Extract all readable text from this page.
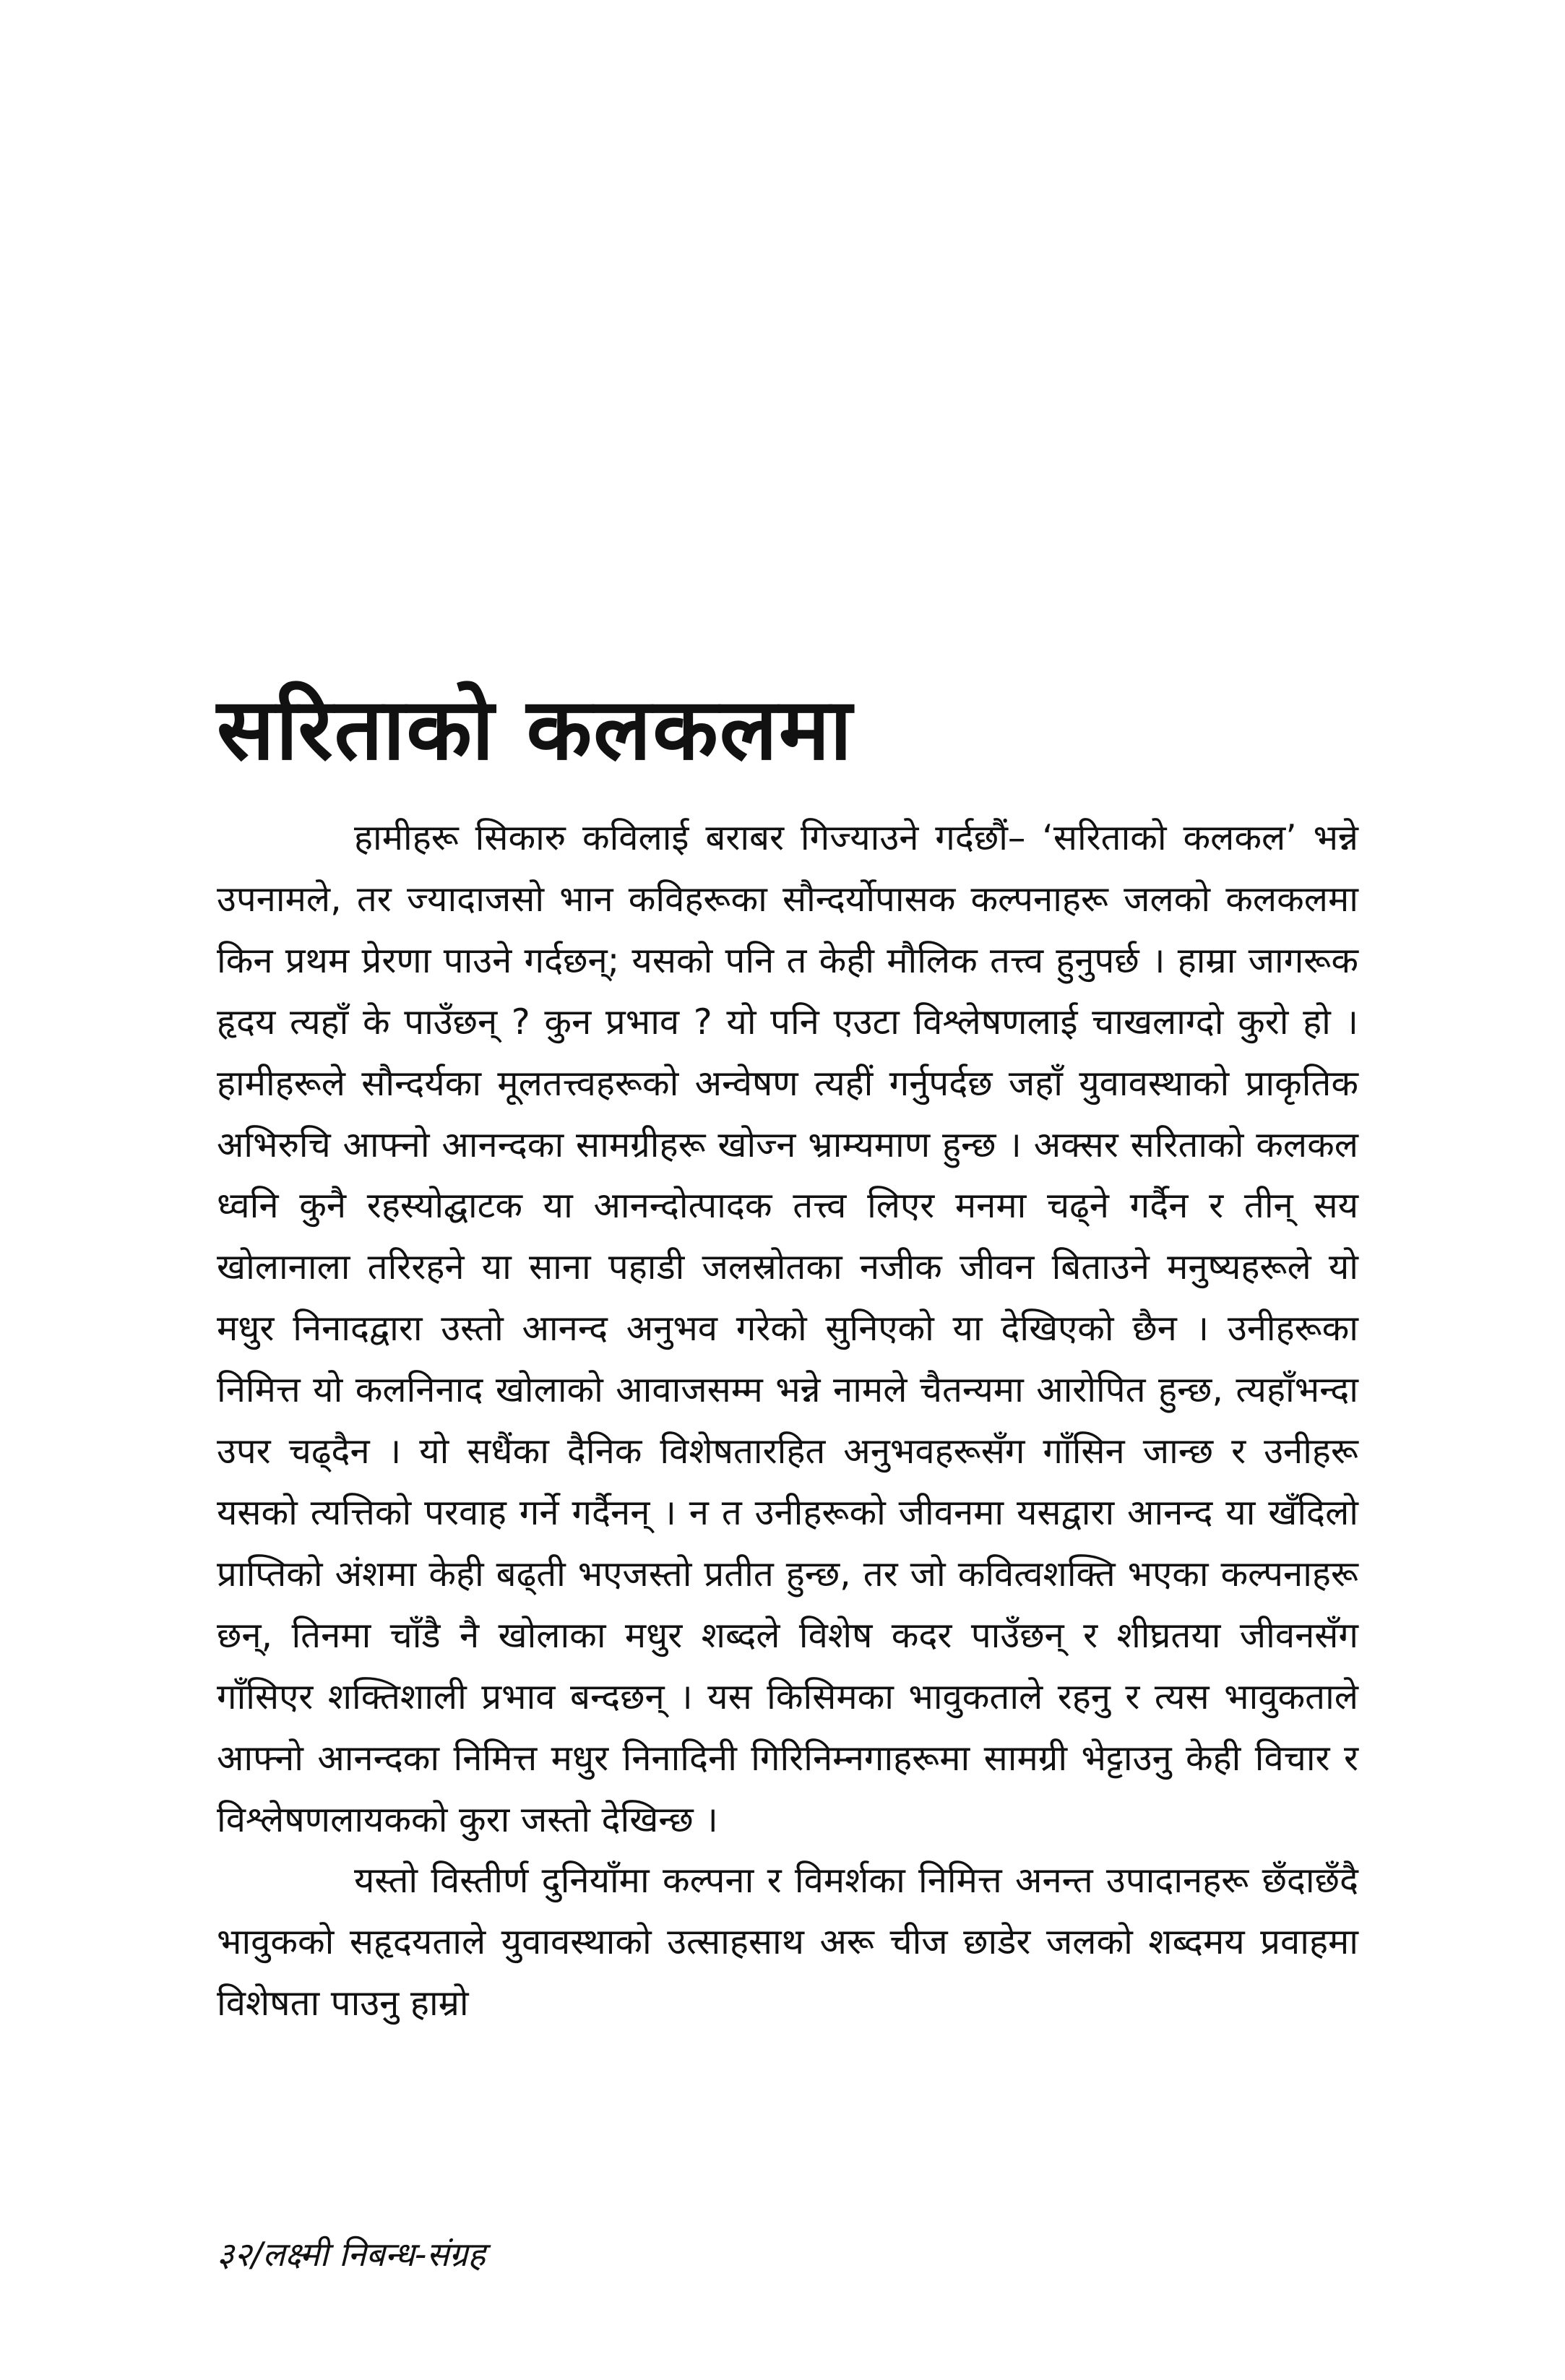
सरिताको कलकलमा

हामीहरू सिकारु कविलाई बराबर गिज्याउने गर्दछौं– ‘सरिताको कलकल’ भन्ने उपनामले, तर ज्यादाजसो भान कविहरूका सौन्दर्योपासक कल्पनाहरू जलको कलकलमा किन प्रथम प्रेरणा पाउने गर्दछन्; यसको पनि त केही मौलिक तत्त्व हुनुपर्छ । हाम्रा जागरूक हृदय त्यहाँ के पाउँछन् ? कुन प्रभाव ? यो पनि एउटा विश्लेषणलाई चाखलाग्दो कुरो हो । हामीहरूले सौन्दर्यका मूलतत्त्वहरूको अन्वेषण त्यहीं गर्नुपर्दछ जहाँ युवावस्थाको प्राकृतिक अभिरुचि आफ्नो आनन्दका सामग्रीहरू खोज्न भ्राम्यमाण हुन्छ । अक्सर सरिताको कलकल ध्वनि कुनै रहस्योद्घाटक या आनन्दोत्पादक तत्त्व लिएर मनमा चढ्ने गर्दैन र तीन् सय खोलानाला तरिरहने या साना पहाडी जलस्रोतका नजीक जीवन बिताउने मनुष्यहरूले यो मधुर निनादद्वारा उस्तो आनन्द अनुभव गरेको सुनिएको या देखिएको छैन । उनीहरूका निमित्त यो कलनिनाद खोलाको आवाजसम्म भन्ने नामले चैतन्यमा आरोपित हुन्छ, त्यहाँभन्दा उपर चढ्दैन । यो सधैंका दैनिक विशेषतारहित अनुभवहरूसँग गाँसिन जान्छ र उनीहरू यसको त्यत्तिको परवाह गर्ने गर्दैनन् । न त उनीहरूको जीवनमा यसद्वारा आनन्द या खँदिलो प्राप्तिको अंशमा केही बढ्ती भएजस्तो प्रतीत हुन्छ, तर जो कवित्वशक्ति भएका कल्पनाहरू छन्, तिनमा चाँडै नै खोलाका मधुर शब्दले विशेष कदर पाउँछन् र शीघ्रतया जीवनसँग गाँसिएर शक्तिशाली प्रभाव बन्दछन् । यस किसिमका भावुकताले रहनु र त्यस भावुकताले आफ्नो आनन्दका निमित्त मधुर निनादिनी गिरिनिम्नगाहरूमा सामग्री भेट्टाउनु केही विचार र विश्लेषणलायकको कुरा जस्तो देखिन्छ ।

यस्तो विस्तीर्ण दुनियाँमा कल्पना र विमर्शका निमित्त अनन्त उपादानहरू छँदाछँदै भावुकको सहृदयताले युवावस्थाको उत्साहसाथ अरू चीज छाडेर जलको शब्दमय प्रवाहमा विशेषता पाउनु हाम्रो

३२/लक्ष्मी निबन्ध-संग्रह
